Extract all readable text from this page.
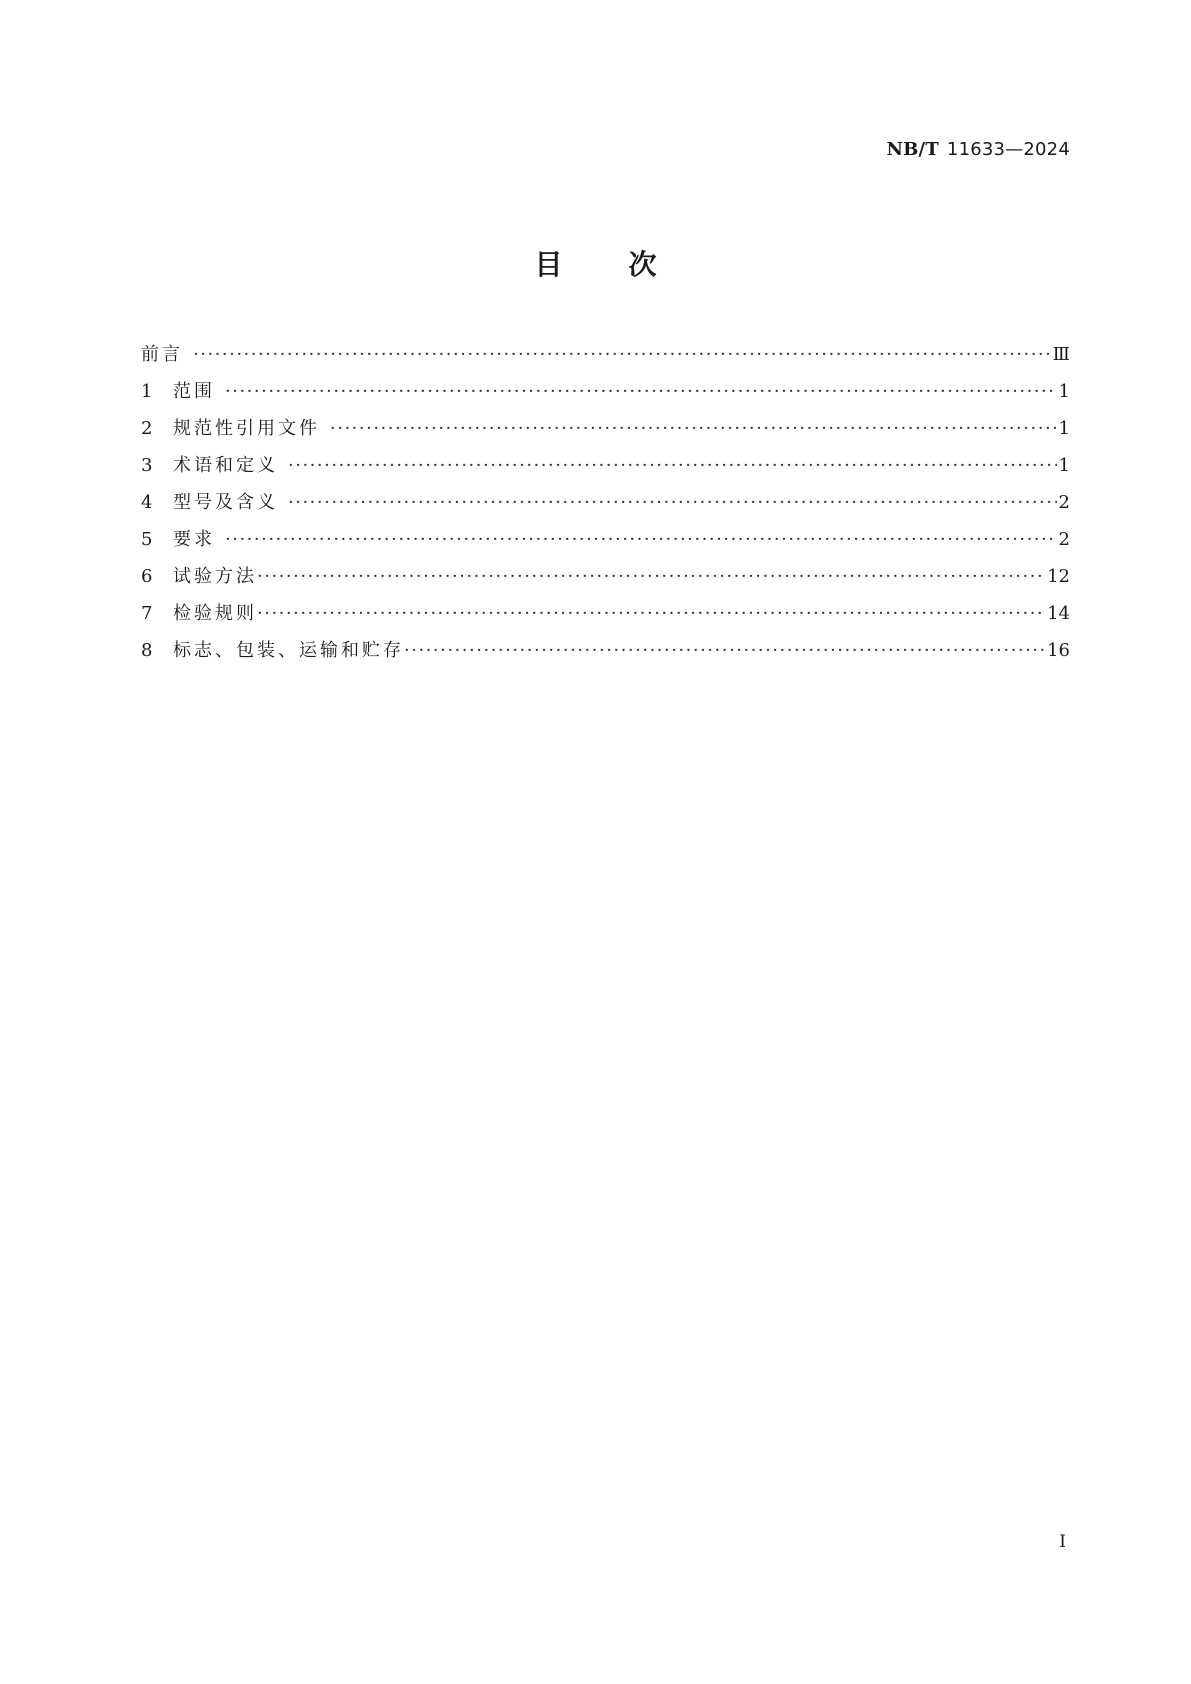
NB/T 11633—2024
目次
前言 ·····	Ⅲ
1	范围 ·····	1
2	规范性引用文件 ·····	1
3	术语和定义 ·····	1
4	型号及含义 ·····	2
5	要求 ·····	2
6	试验方法 ·····	12
7	检验规则 ·····	14
8	标志、包装、运输和贮存 ·····	16
I
